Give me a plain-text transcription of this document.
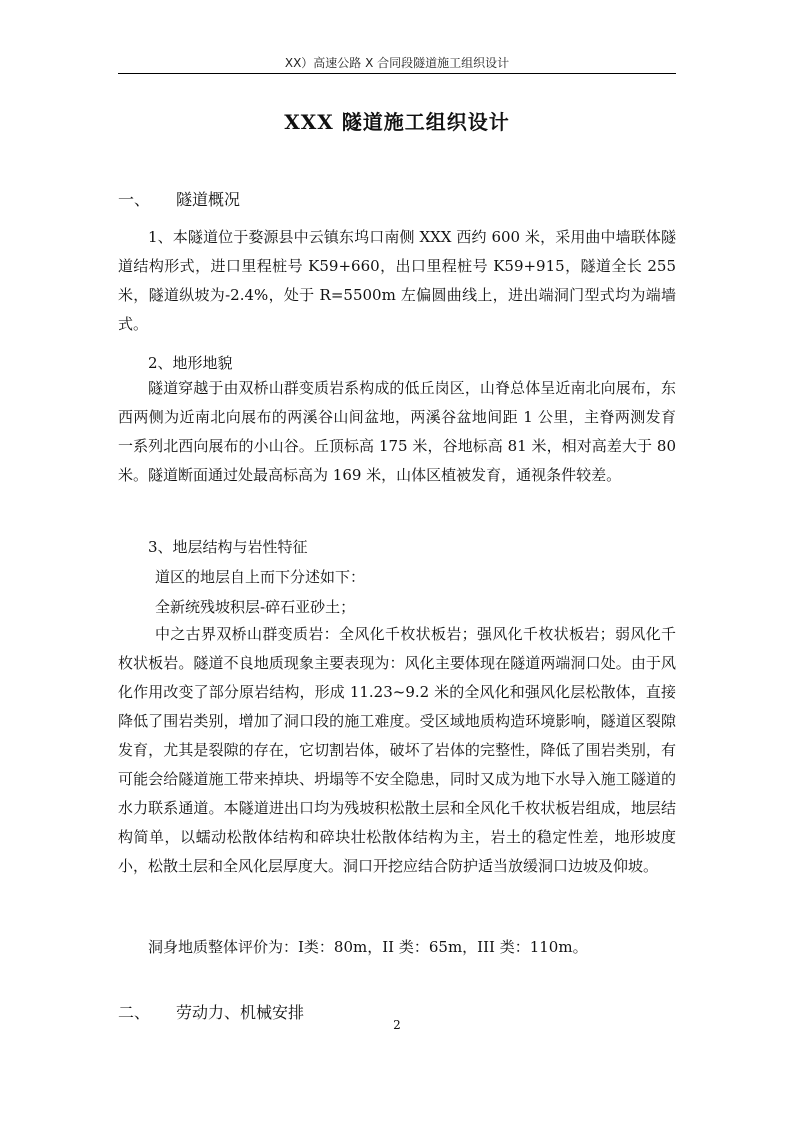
XX）高速公路 X 合同段隧道施工组织设计
XXX 隧道施工组织设计
一、 隧道概况
1、本隧道位于婺源县中云镇东坞口南侧 XXX 西约 600 米，采用曲中墙联体隧道结构形式，进口里程桩号 K59+660，出口里程桩号 K59+915，隧道全长 255 米，隧道纵坡为-2.4%，处于 R=5500m 左偏圆曲线上，进出端洞门型式均为端墙式。
2、地形地貌
隧道穿越于由双桥山群变质岩系构成的低丘岗区，山脊总体呈近南北向展布，东西两侧为近南北向展布的两溪谷山间盆地，两溪谷盆地间距 1 公里，主脊两测发育一系列北西向展布的小山谷。丘顶标高 175 米，谷地标高 81 米，相对高差大于 80 米。隧道断面通过处最高标高为 169 米，山体区植被发育，通视条件较差。
3、地层结构与岩性特征
道区的地层自上而下分述如下：
全新统残坡积层-碎石亚砂土；
中之古界双桥山群变质岩：全风化千枚状板岩；强风化千枚状板岩；弱风化千枚状板岩。隧道不良地质现象主要表现为：风化主要体现在隧道两端洞口处。由于风化作用改变了部分原岩结构，形成 11.23~9.2 米的全风化和强风化层松散体，直接降低了围岩类别，增加了洞口段的施工难度。受区域地质构造环境影响，隧道区裂隙发育，尤其是裂隙的存在，它切割岩体，破坏了岩体的完整性，降低了围岩类别，有可能会给隧道施工带来掉块、坍塌等不安全隐患，同时又成为地下水导入施工隧道的水力联系通道。本隧道进出口均为残坡积松散土层和全风化千枚状板岩组成，地层结构简单，以蠕动松散体结构和碎块壮松散体结构为主，岩土的稳定性差，地形坡度小，松散土层和全风化层厚度大。洞口开挖应结合防护适当放缓洞口边坡及仰坡。
洞身地质整体评价为：Ⅰ类：80m，II 类：65m，III 类：110m。
二、 劳动力、机械安排
2
